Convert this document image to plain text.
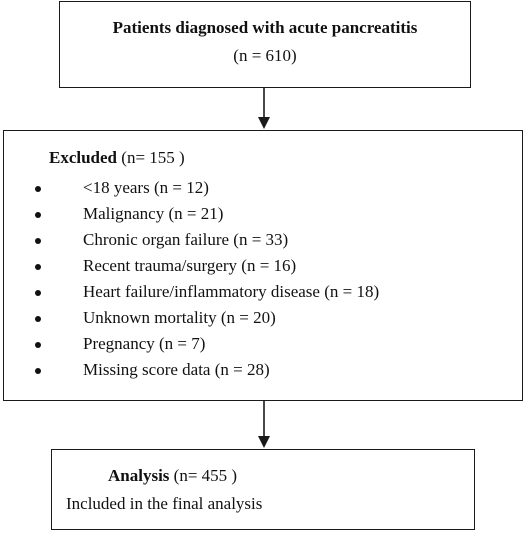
Patients diagnosed with acute pancreatitis
(n = 610)
Excluded (n= 155 )
<18 years (n = 12)
Malignancy (n = 21)
Chronic organ failure (n = 33)
Recent trauma/surgery (n = 16)
Heart failure/inflammatory disease (n = 18)
Unknown mortality (n = 20)
Pregnancy (n = 7)
Missing score data (n = 28)
Analysis (n= 455 )
Included in the final analysis
